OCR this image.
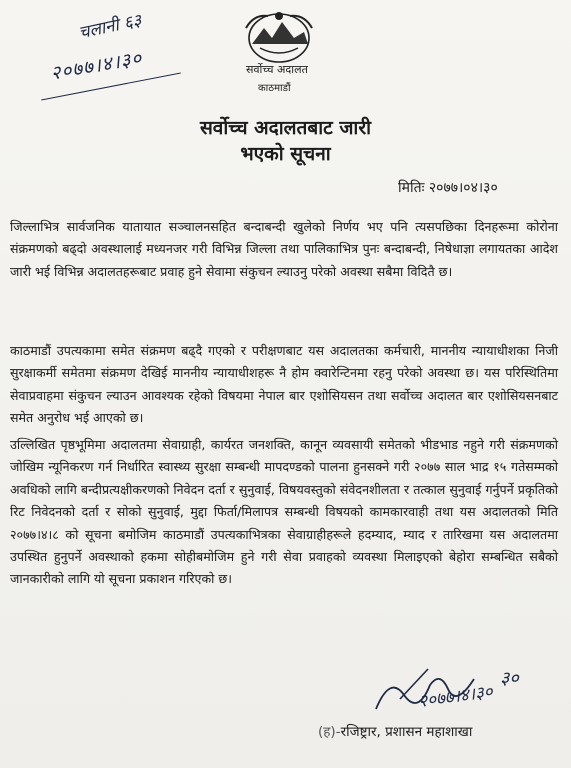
चलानी ६३
२०७७।४।३०	सर्वोच्च अदालत
काठमाडौं
सर्वोच्च अदालतबाट जारी
भएको सूचना
मितिः २०७७।०४।३०

जिल्लाभित्र सार्वजनिक यातायात सञ्चालनसहित बन्दाबन्दी खुलेको निर्णय भए पनि त्यसपछिका दिनहरूमा कोरोना संक्रमणको बढ्दो अवस्थालाई मध्यनजर गरी विभिन्न जिल्ला तथा पालिकाभित्र पुनः बन्दाबन्दी, निषेधाज्ञा लगायतका आदेश जारी भई विभिन्न अदालतहरूबाट प्रवाह हुने सेवामा संकुचन ल्याउनु परेको अवस्था सबैमा विदितै छ।

काठमाडौं उपत्यकामा समेत संक्रमण बढ्दै गएको र परीक्षणबाट यस अदालतका कर्मचारी, माननीय न्यायाधीशका निजी सुरक्षाकर्मी समेतमा संक्रमण देखिई माननीय न्यायाधीशहरू नै होम क्वारेन्टिनमा रहनु परेको अवस्था छ। यस परिस्थितिमा सेवाप्रवाहमा संकुचन ल्याउन आवश्यक रहेको विषयमा नेपाल बार एशोसियसन तथा सर्वोच्च अदालत बार एशोसियसनबाट समेत अनुरोध भई आएको छ।

उल्लिखित पृष्ठभूमिमा अदालतमा सेवाग्राही, कार्यरत जनशक्ति, कानून व्यवसायी समेतको भीडभाड नहुने गरी संक्रमणको जोखिम न्यूनिकरण गर्न निर्धारित स्वास्थ्य सुरक्षा सम्बन्धी मापदण्डको पालना हुनसक्ने गरी २०७७ साल भाद्र १५ गतेसम्मको अवधिको लागि बन्दीप्रत्यक्षीकरणको निवेदन दर्ता र सुनुवाई, विषयवस्तुको संवेदनशीलता र तत्काल सुनुवाई गर्नुपर्ने प्रकृतिको रिट निवेदनको दर्ता र सोको सुनुवाई, मुद्दा फिर्ता/मिलापत्र सम्बन्धी विषयको कामकारवाही तथा यस अदालतको मिति २०७७।४।८ को सूचना बमोजिम काठमाडौं उपत्यकाभित्रका सेवाग्राहीहरूले हदम्याद, म्याद र तारिखमा यस अदालतमा उपस्थित हुनुपर्ने अवस्थाको हकमा सोहीबमोजिम हुने गरी सेवा प्रवाहको व्यवस्था मिलाइएको बेहोरा सम्बन्धित सबैको जानकारीको लागि यो सूचना प्रकाशन गरिएको छ।

२०७७।४।३०
३०
(ह)-रजिष्ट्रार, प्रशासन महाशाखा
